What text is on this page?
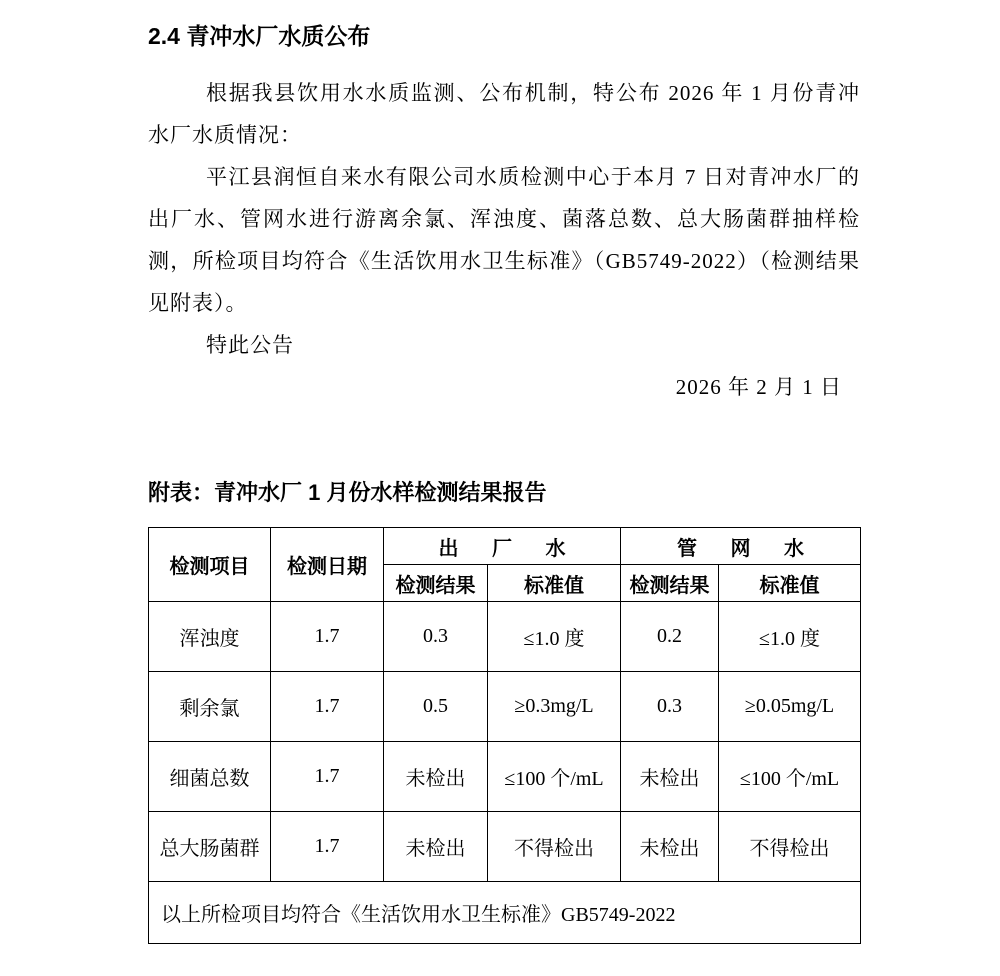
2.4 青冲水厂水质公布

根据我县饮用水水质监测、公布机制，特公布 2026 年 1 月份青冲水厂水质情况：

平江县润恒自来水有限公司水质检测中心于本月 7 日对青冲水厂的出厂水、管网水进行游离余氯、浑浊度、菌落总数、总大肠菌群抽样检测，所检项目均符合《生活饮用水卫生标准》（GB5749-2022）（检测结果见附表）。

特此公告

2026 年 2 月 1 日

附表：青冲水厂 1 月份水样检测结果报告
检测项目	检测日期	出 厂 水		管 网 水	
		检测结果	标准值	检测结果	标准值
浑浊度	1.7	0.3	≤1.0 度	0.2	≤1.0 度
剩余氯	1.7	0.5	≥0.3mg/L	0.3	≥0.05mg/L
细菌总数	1.7	未检出	≤100 个/mL	未检出	≤100 个/mL
总大肠菌群	1.7	未检出	不得检出	未检出	不得检出
以上所检项目均符合《生活饮用水卫生标准》GB5749-2022					
